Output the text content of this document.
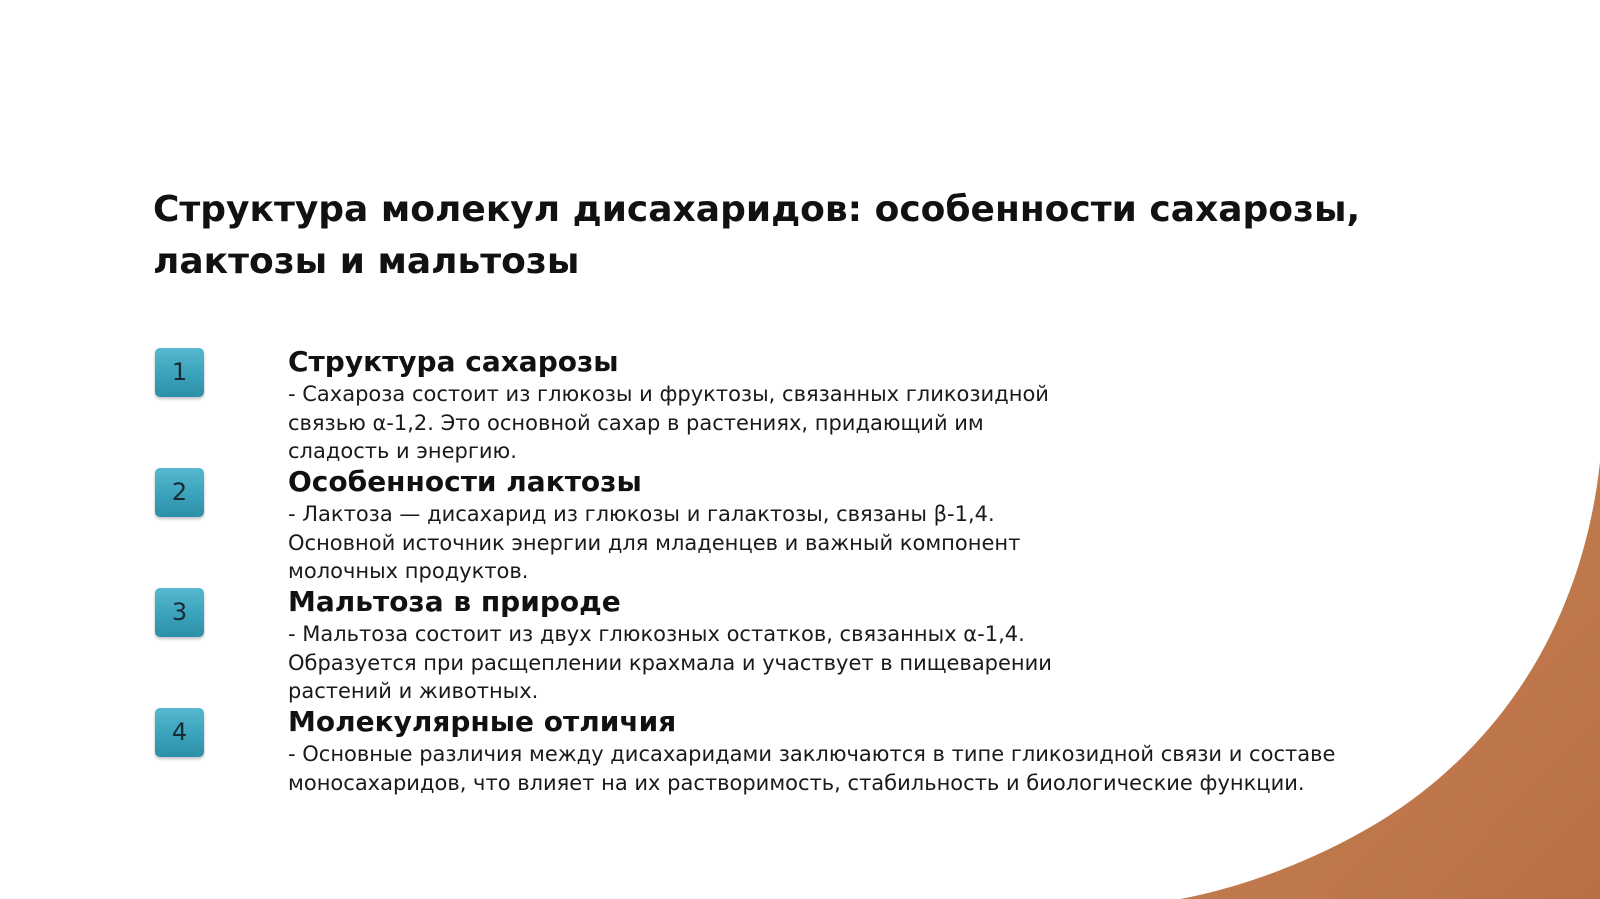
Структура молекул дисахаридов: особенности сахарозы,
лактозы и мальтозы
1	Структура сахарозы
- Сахароза состоит из глюкозы и фруктозы, связанных гликозидной
связью α-1,2. Это основной сахар в растениях, придающий им
сладость и энергию.
2	Особенности лактозы
- Лактоза — дисахарид из глюкозы и галактозы, связаны β-1,4.
Основной источник энергии для младенцев и важный компонент
молочных продуктов.
3	Мальтоза в природе
- Мальтоза состоит из двух глюкозных остатков, связанных α-1,4.
Образуется при расщеплении крахмала и участвует в пищеварении
растений и животных.
4	Молекулярные отличия
- Основные различия между дисахаридами заключаются в типе гликозидной связи и составе
моносахаридов, что влияет на их растворимость, стабильность и биологические функции.
